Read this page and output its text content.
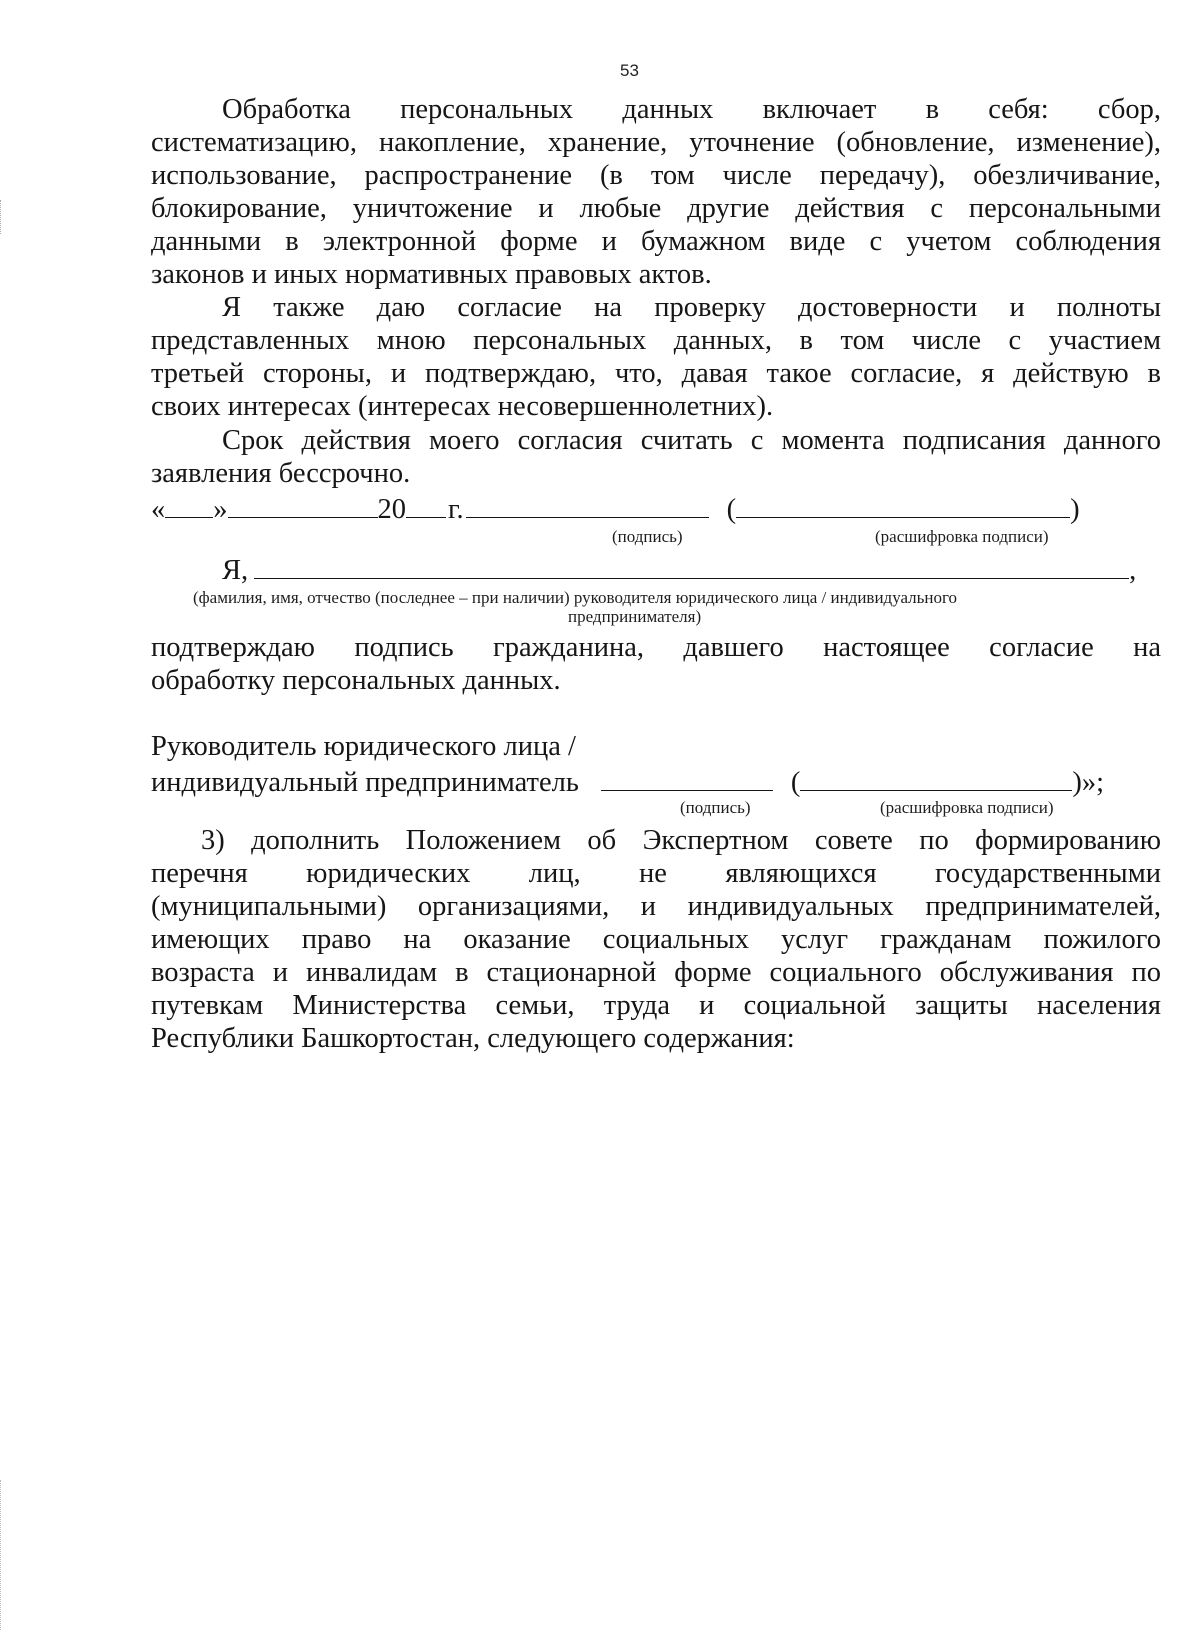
53
Обработка персональных данных включает в себя: сбор,
систематизацию, накопление, хранение, уточнение (обновление, изменение),
использование, распространение (в том числе передачу), обезличивание,
блокирование, уничтожение и любые другие действия с персональными
данными в электронной форме и бумажном виде с учетом соблюдения
законов и иных нормативных правовых актов.
Я также даю согласие на проверку достоверности и полноты
представленных мною персональных данных, в том числе с участием
третьей стороны, и подтверждаю, что, давая такое согласие, я действую в
своих интересах (интересах несовершеннолетних).
Срок действия моего согласия считать с момента подписания данного
заявления бессрочно.
« »	20 г.	(	)
(подпись)	(расшифровка подписи)
Я,	,
(фамилия, имя, отчество (последнее – при наличии) руководителя юридического лица / индивидуального
предпринимателя)
подтверждаю подпись гражданина, давшего настоящее согласие на
обработку персональных данных.
Руководитель юридического лица /
индивидуальный предприниматель	(	)»;
(подпись)	(расшифровка подписи)
3) дополнить Положением об Экспертном совете по формированию
перечня юридических лиц, не являющихся государственными
(муниципальными) организациями, и индивидуальных предпринимателей,
имеющих право на оказание социальных услуг гражданам пожилого
возраста и инвалидам в стационарной форме социального обслуживания по
путевкам Министерства семьи, труда и социальной защиты населения
Республики Башкортостан, следующего содержания:
